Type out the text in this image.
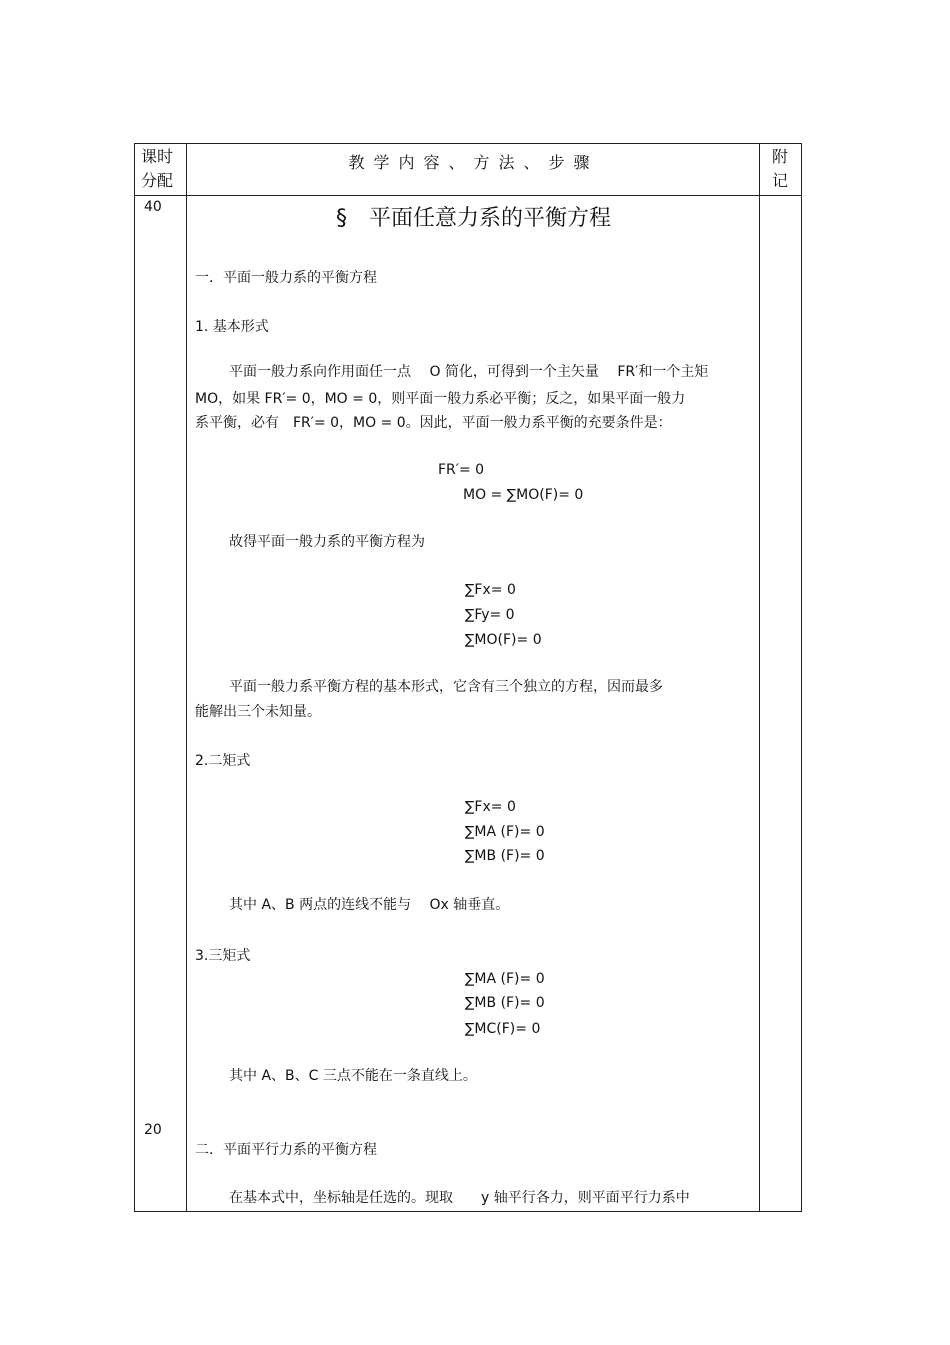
课时
分配
教学内容、方法、步骤	附
记
40
20
§　平面任意力系的平衡方程
一．平面一般力系的平衡方程
1. 基本形式
平面一般力系向作用面任一点　 O 简化，可得到一个主矢量　 FR′和一个主矩
MO，如果 FR′= 0，MO = 0，则平面一般力系必平衡；反之，如果平面一般力
系平衡，必有　FR′= 0，MO = 0。因此，平面一般力系平衡的充要条件是：
FR′= 0
MO = ∑MO(F)= 0
故得平面一般力系的平衡方程为
∑Fx= 0
∑Fy= 0
∑MO(F)= 0
平面一般力系平衡方程的基本形式，它含有三个独立的方程，因而最多
能解出三个未知量。
2.二矩式
∑Fx= 0
∑MA (F)= 0
∑MB (F)= 0
其中 A、B 两点的连线不能与　 Ox 轴垂直。
3.三矩式
∑MA (F)= 0
∑MB (F)= 0
∑MC(F)= 0
其中 A、B、C 三点不能在一条直线上。
二．平面平行力系的平衡方程
在基本式中，坐标轴是任选的。现取　　y 轴平行各力，则平面平行力系中
